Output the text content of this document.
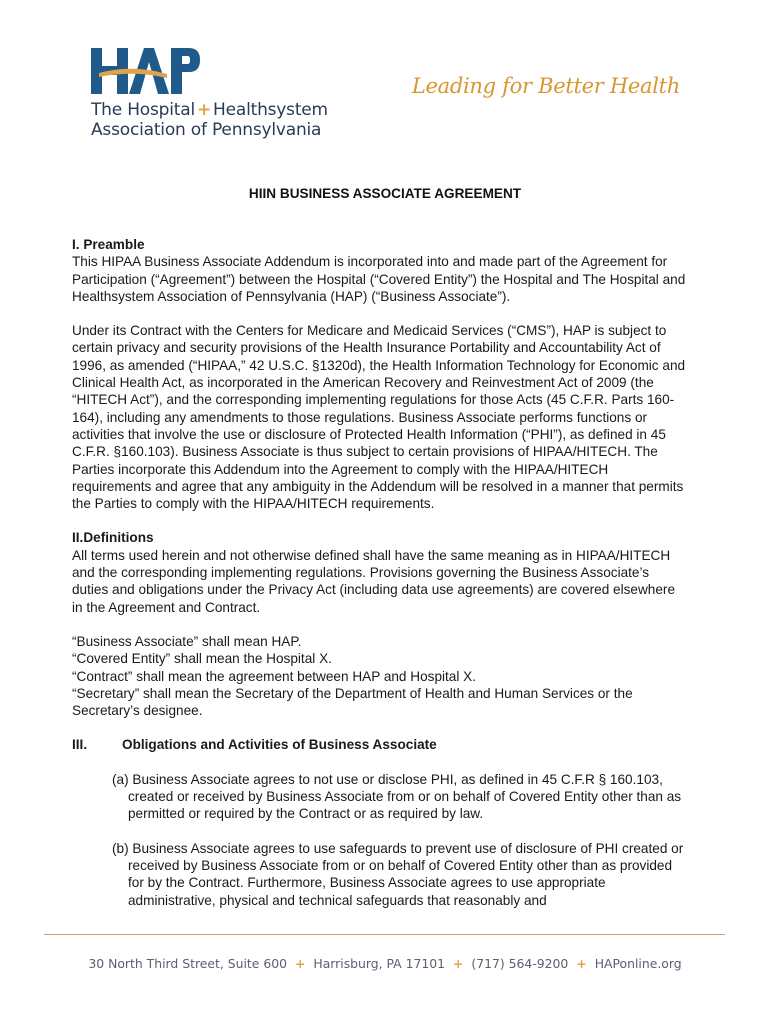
The Hospital + Healthsystem
Association of Pennsylvania
Leading for Better Health
HIIN BUSINESS ASSOCIATE AGREEMENT

I. Preamble

This HIPAA Business Associate Addendum is incorporated into and made part of the Agreement for Participation (“Agreement”) between the Hospital (“Covered Entity”) the Hospital and The Hospital and Healthsystem Association of Pennsylvania (HAP) (“Business Associate”).

Under its Contract with the Centers for Medicare and Medicaid Services (“CMS”), HAP is subject to certain privacy and security provisions of the Health Insurance Portability and Accountability Act of 1996, as amended (“HIPAA,” 42 U.S.C. §1320d), the Health Information Technology for Economic and Clinical Health Act, as incorporated in the American Recovery and Reinvestment Act of 2009 (the “HITECH Act”), and the corresponding implementing regulations for those Acts (45 C.F.R. Parts 160-164), including any amendments to those regulations. Business Associate performs functions or activities that involve the use or disclosure of Protected Health Information (“PHI”), as defined in 45 C.F.R. §160.103). Business Associate is thus subject to certain provisions of HIPAA/HITECH. The Parties incorporate this Addendum into the Agreement to comply with the HIPAA/HITECH requirements and agree that any ambiguity in the Addendum will be resolved in a manner that permits the Parties to comply with the HIPAA/HITECH requirements.

II.Definitions

All terms used herein and not otherwise defined shall have the same meaning as in HIPAA/HITECH and the corresponding implementing regulations. Provisions governing the Business Associate’s duties and obligations under the Privacy Act (including data use agreements) are covered elsewhere in the Agreement and Contract.

“Business Associate” shall mean HAP.

“Covered Entity” shall mean the Hospital X.

“Contract” shall mean the agreement between HAP and Hospital X.

“Secretary” shall mean the Secretary of the Department of Health and Human Services or the Secretary’s designee.

III.	Obligations and Activities of Business Associate

(a) Business Associate agrees to not use or disclose PHI, as defined in 45 C.F.R § 160.103, created or received by Business Associate from or on behalf of Covered Entity other than as permitted or required by the Contract or as required by law.

(b) Business Associate agrees to use safeguards to prevent use of disclosure of PHI created or received by Business Associate from or on behalf of Covered Entity other than as provided for by the Contract. Furthermore, Business Associate agrees to use appropriate administrative, physical and technical safeguards that reasonably and

30 North Third Street, Suite 600 + Harrisburg, PA 17101 + (717) 564-9200 + HAPonline.org
